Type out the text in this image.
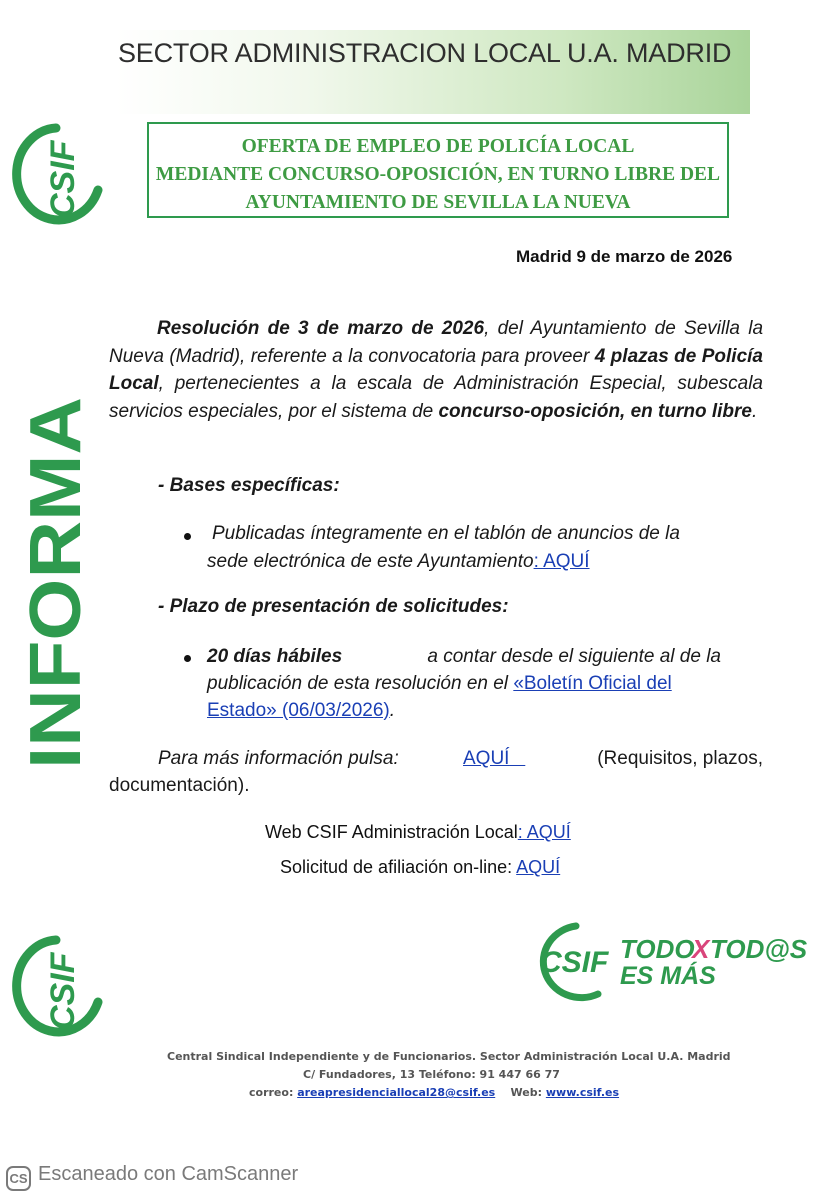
SECTOR ADMINISTRACION LOCAL U.A. MADRID
CSIF	OFERTA DE EMPLEO DE POLICÍA LOCAL
MEDIANTE CONCURSO-OPOSICIÓN, EN TURNO LIBRE DEL
AYUNTAMIENTO DE SEVILLA LA NUEVA
Madrid 9 de marzo de 2026
INFORMA
Resolución de 3 de marzo de 2026, del Ayuntamiento de Sevilla la Nueva (Madrid), referente a la convocatoria para proveer 4 plazas de Policía Local, pertenecientes a la escala de Administración Especial, subescala servicios especiales, por el sistema de concurso-oposición, en turno libre.
- Bases específicas:
Publicadas íntegramente en el tablón de anuncios de la
sede electrónica de este Ayuntamiento: AQUÍ
- Plazo de presentación de solicitudes:
20 días hábiles	a contar desde el siguiente al de la
publicación de esta resolución en el «Boletín Oficial del
Estado» (06/03/2026).
Para más información pulsa:	AQUÍ	(Requisitos, plazos,
documentación).
Web CSIF Administración Local: AQUÍ
Solicitud de afiliación on-line: AQUÍ
CSIF	CSIF TODO
X TOD@S
ES MÁS
Central Sindical Independiente y de Funcionarios. Sector Administración Local U.A. Madrid
C/ Fundadores, 13 Teléfono: 91 447 66 77
correo: areapresidenciallocal28@csif.es Web: www.csif.es
CS Escaneado con CamScanner
